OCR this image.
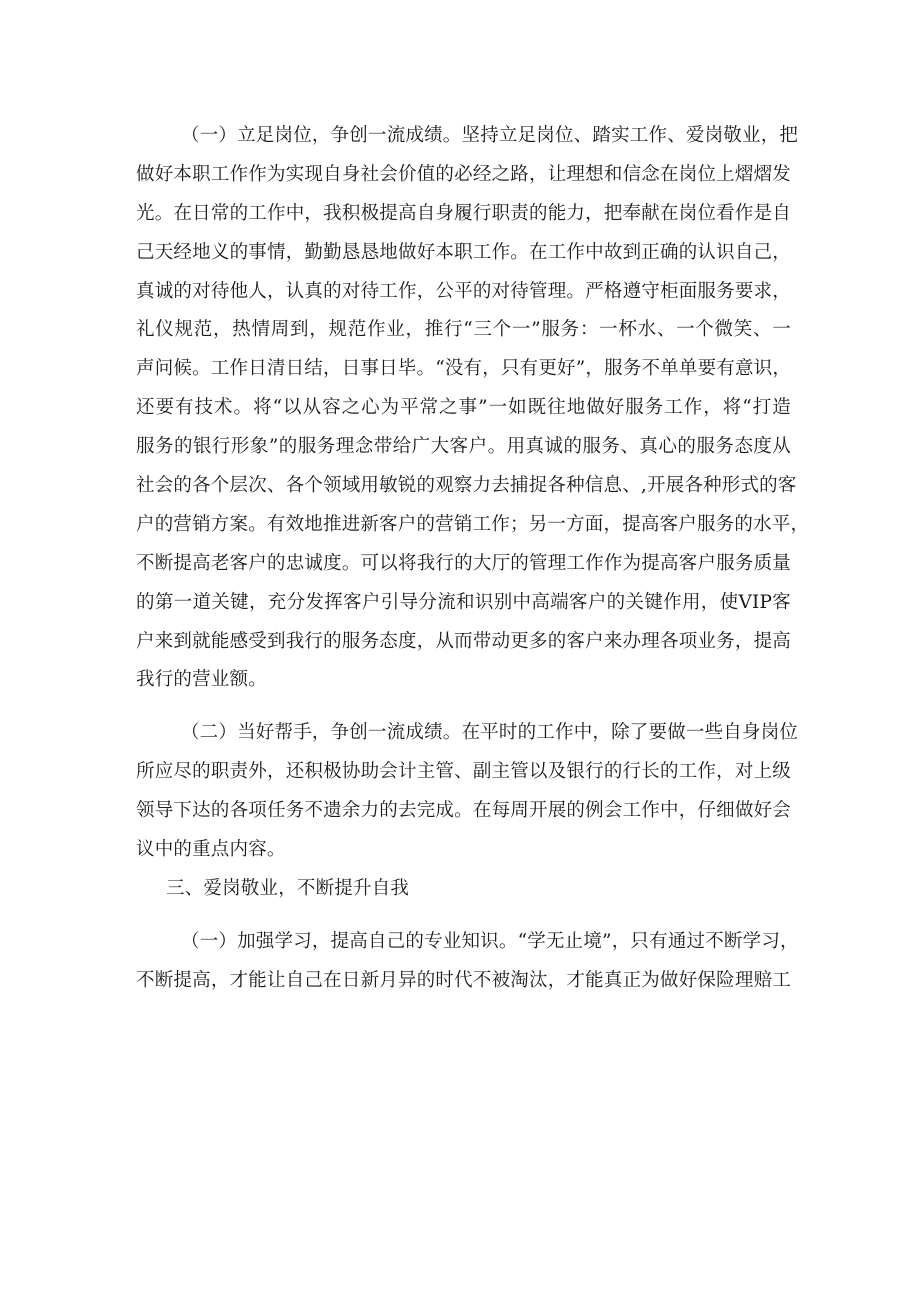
（一）立足岗位，争创一流成绩。坚持立足岗位、踏实工作、爱岗敬业，把
做好本职工作作为实现自身社会价值的必经之路，让理想和信念在岗位上熠熠发
光。在日常的工作中，我积极提高自身履行职责的能力，把奉献在岗位看作是自
己天经地义的事情，勤勤恳恳地做好本职工作。在工作中故到正确的认识自己，
真诚的对待他人，认真的对待工作，公平的对待管理。严格遵守柜面服务要求，
礼仪规范，热情周到，规范作业，推行“三个一”服务：一杯水、一个微笑、一
声问候。工作日清日结，日事日毕。“没有，只有更好”，服务不单单要有意识，
还要有技术。将“以从容之心为平常之事”一如既往地做好服务工作，将“打造
服务的银行形象”的服务理念带给广大客户。用真诚的服务、真心的服务态度从
社会的各个层次、各个领域用敏锐的观察力去捕捉各种信息、,开展各种形式的客
户的营销方案。有效地推进新客户的营销工作；另一方面，提高客户服务的水平，
不断提高老客户的忠诚度。可以将我行的大厅的管理工作作为提高客户服务质量
的第一道关键，充分发挥客户引导分流和识别中高端客户的关键作用，使VIP客
户来到就能感受到我行的服务态度，从而带动更多的客户来办理各项业务，提高
我行的营业额。
（二）当好帮手，争创一流成绩。在平时的工作中，除了要做一些自身岗位
所应尽的职责外，还积极协助会计主管、副主管以及银行的行长的工作，对上级
领导下达的各项任务不遗余力的去完成。在每周开展的例会工作中，仔细做好会
议中的重点内容。
三、爱岗敬业，不断提升自我
（一）加强学习，提高自己的专业知识。“学无止境”，只有通过不断学习，
不断提高，才能让自己在日新月异的时代不被淘汰，才能真正为做好保险理赔工
